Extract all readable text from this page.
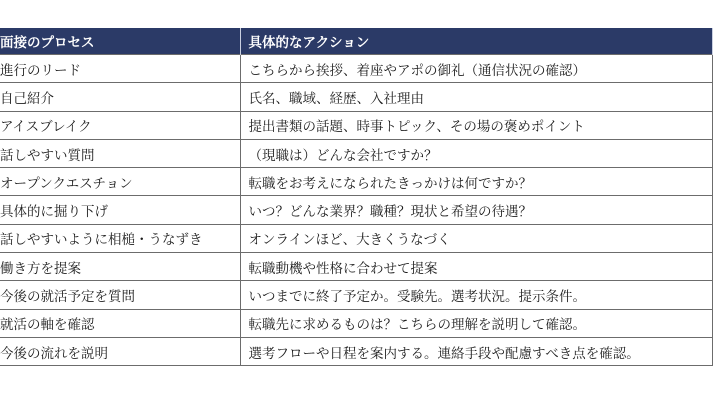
面接のプロセス	具体的なアクション
進行のリード	こちらから挨拶、着座やアポの御礼（通信状況の確認）
自己紹介	氏名、職域、経歴、入社理由
アイスブレイク	提出書類の話題、時事トピック、その場の褒めポイント
話しやすい質問	（現職は）どんな会社ですか？
オープンクエスチョン	転職をお考えになられたきっかけは何ですか？
具体的に掘り下げ	いつ？どんな業界？職種？現状と希望の待遇？
話しやすいように相槌・うなずき	オンラインほど、大きくうなづく
働き方を提案	転職動機や性格に合わせて提案
今後の就活予定を質問	いつまでに終了予定か。受験先。選考状況。提示条件。
就活の軸を確認	転職先に求めるものは？こちらの理解を説明して確認。
今後の流れを説明	選考フローや日程を案内する。連絡手段や配慮すべき点を確認。
